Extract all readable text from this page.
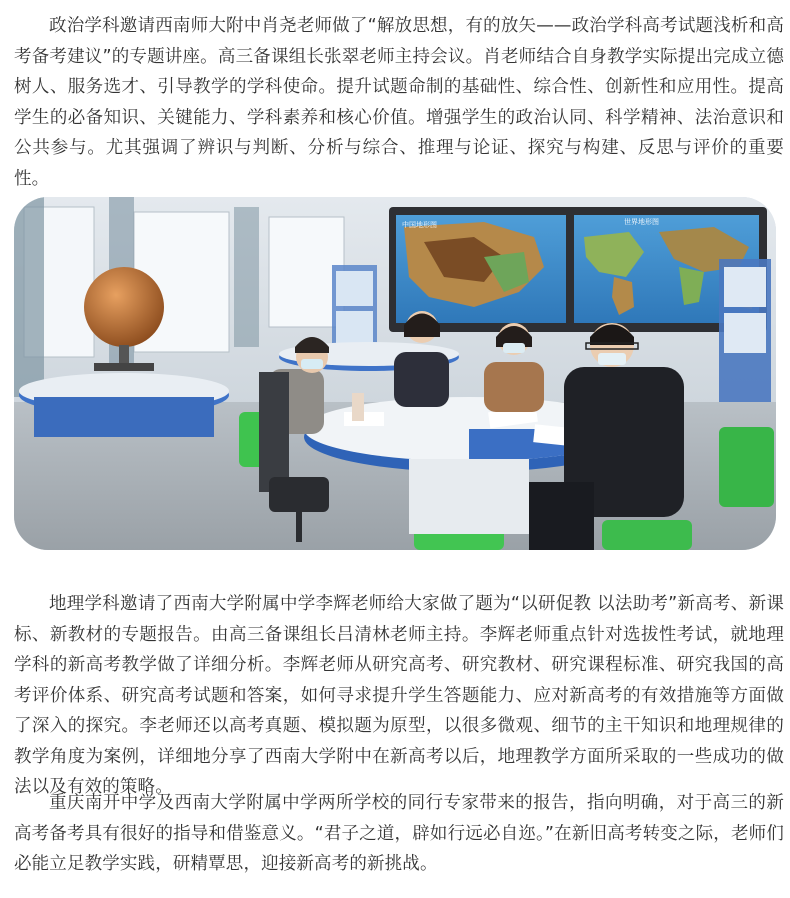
政治学科邀请西南师大附中肖尧老师做了“解放思想，有的放矢——政治学科高考试题浅析和高考备考建议”的专题讲座。高三备课组长张翠老师主持会议。肖老师结合自身教学实际提出完成立德树人、服务选才、引导教学的学科使命。提升试题命制的基础性、综合性、创新性和应用性。提高学生的必备知识、关键能力、学科素养和核心价值。增强学生的政治认同、科学精神、法治意识和公共参与。尤其强调了辨识与判断、分析与综合、推理与论证、探究与构建、反思与评价的重要性。

中国地形图	世界地形图

地理学科邀请了西南大学附属中学李辉老师给大家做了题为“以研促教 以法助考”新高考、新课标、新教材的专题报告。由高三备课组长吕清林老师主持。李辉老师重点针对选拔性考试，就地理学科的新高考教学做了详细分析。李辉老师从研究高考、研究教材、研究课程标准、研究我国的高考评价体系、研究高考试题和答案，如何寻求提升学生答题能力、应对新高考的有效措施等方面做了深入的探究。李老师还以高考真题、模拟题为原型，以很多微观、细节的主干知识和地理规律的教学角度为案例，详细地分享了西南大学附中在新高考以后，地理教学方面所采取的一些成功的做法以及有效的策略。

重庆南开中学及西南大学附属中学两所学校的同行专家带来的报告，指向明确，对于高三的新高考备考具有很好的指导和借鉴意义。“君子之道，辟如行远必自迩。”在新旧高考转变之际，老师们必能立足教学实践，研精覃思，迎接新高考的新挑战。
